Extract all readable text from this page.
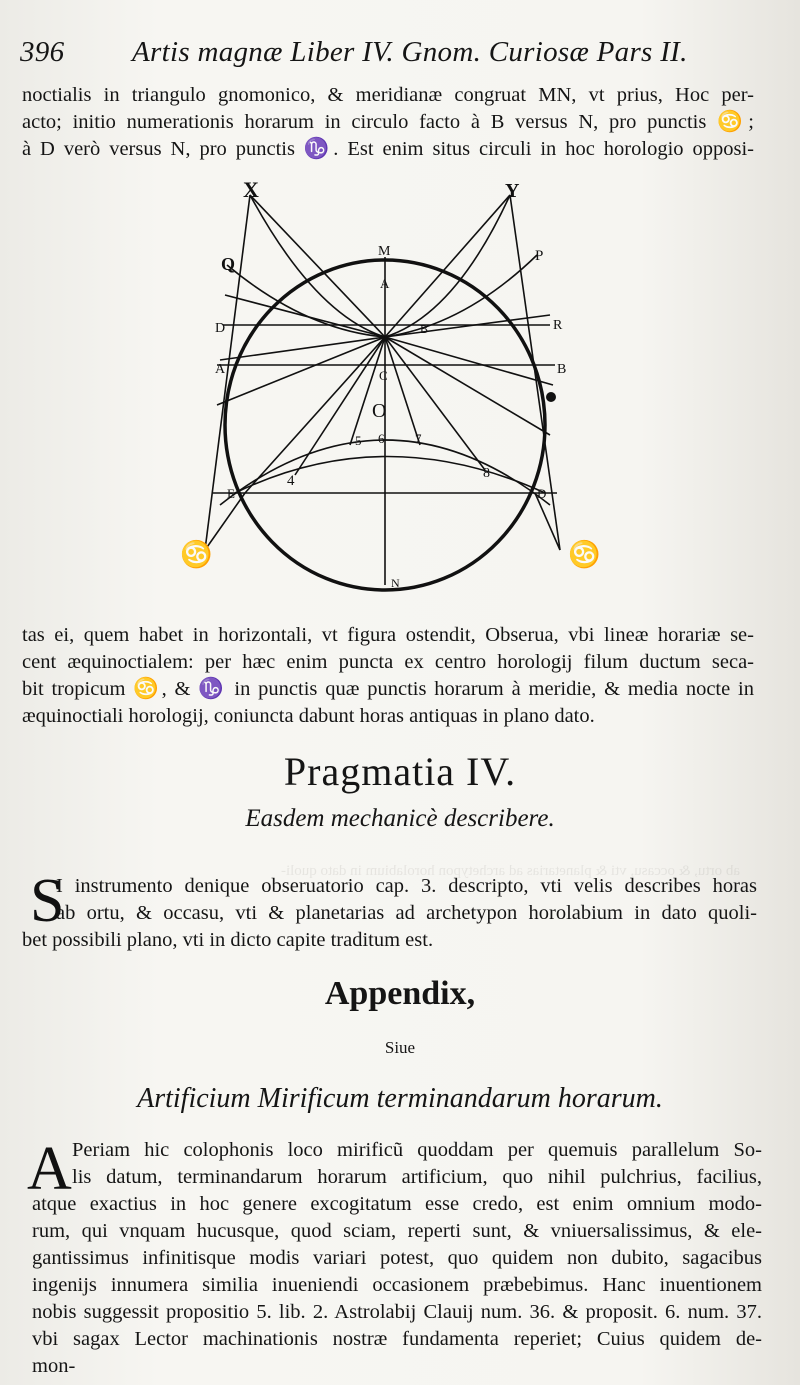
ab ortu, & occasu, vti & planetarias ad archetypon horolabium in dato quoli-
396 Artis magnæ Liber IV. Gnom. Curiosæ Pars II.
noctialis in triangulo gnomonico, & meridianæ congruat MN, vt prius, Hoc per-
acto; initio numerationis horarum in circulo facto à B versus N, pro punctis ♋;
à D verò versus N, pro punctis ♑. Est enim situs circuli in hoc horologio opposi-
X	Y
Q	P
M
A
D	R
B
A	B
C
O
E	D
N
4
5 6 7
8
♋	♋
tas ei, quem habet in horizontali, vt figura ostendit, Obserua, vbi lineæ horariæ se-
cent æquinoctialem: per hæc enim puncta ex centro horologij filum ductum seca-
bit tropicum ♋, & ♑ in punctis quæ punctis horarum à meridie, & media nocte in
æquinoctiali horologij, coniuncta dabunt horas antiquas in plano dato.
Pragmatia IV.
Easdem mechanicè describere.
S
I instrumento denique obseruatorio cap. 3. descripto, vti velis describes horas
ab ortu, & occasu, vti & planetarias ad archetypon horolabium in dato quoli-
bet possibili plano, vti in dicto capite traditum est.
Appendix,
Siue
Artificium Mirificum terminandarum horarum.
A Periam hic colophonis loco mirificũ quoddam per quemuis parallelum So-
lis datum, terminandarum horarum artificium, quo nihil pulchrius, facilius,
atque exactius in hoc genere excogitatum esse credo, est enim omnium modo-
rum, qui vnquam hucusque, quod sciam, reperti sunt, & vniuersalissimus, & ele-
gantissimus infinitisque modis variari potest, quo quidem non dubito, sagacibus
ingenijs innumera similia inueniendi occasionem præbebimus. Hanc inuentionem
nobis suggessit propositio 5. lib. 2. Astrolabij Clauij num. 36. & proposit. 6. num. 37.
vbi sagax Lector machinationis nostræ fundamenta reperiet; Cuius quidem de-
mon-
